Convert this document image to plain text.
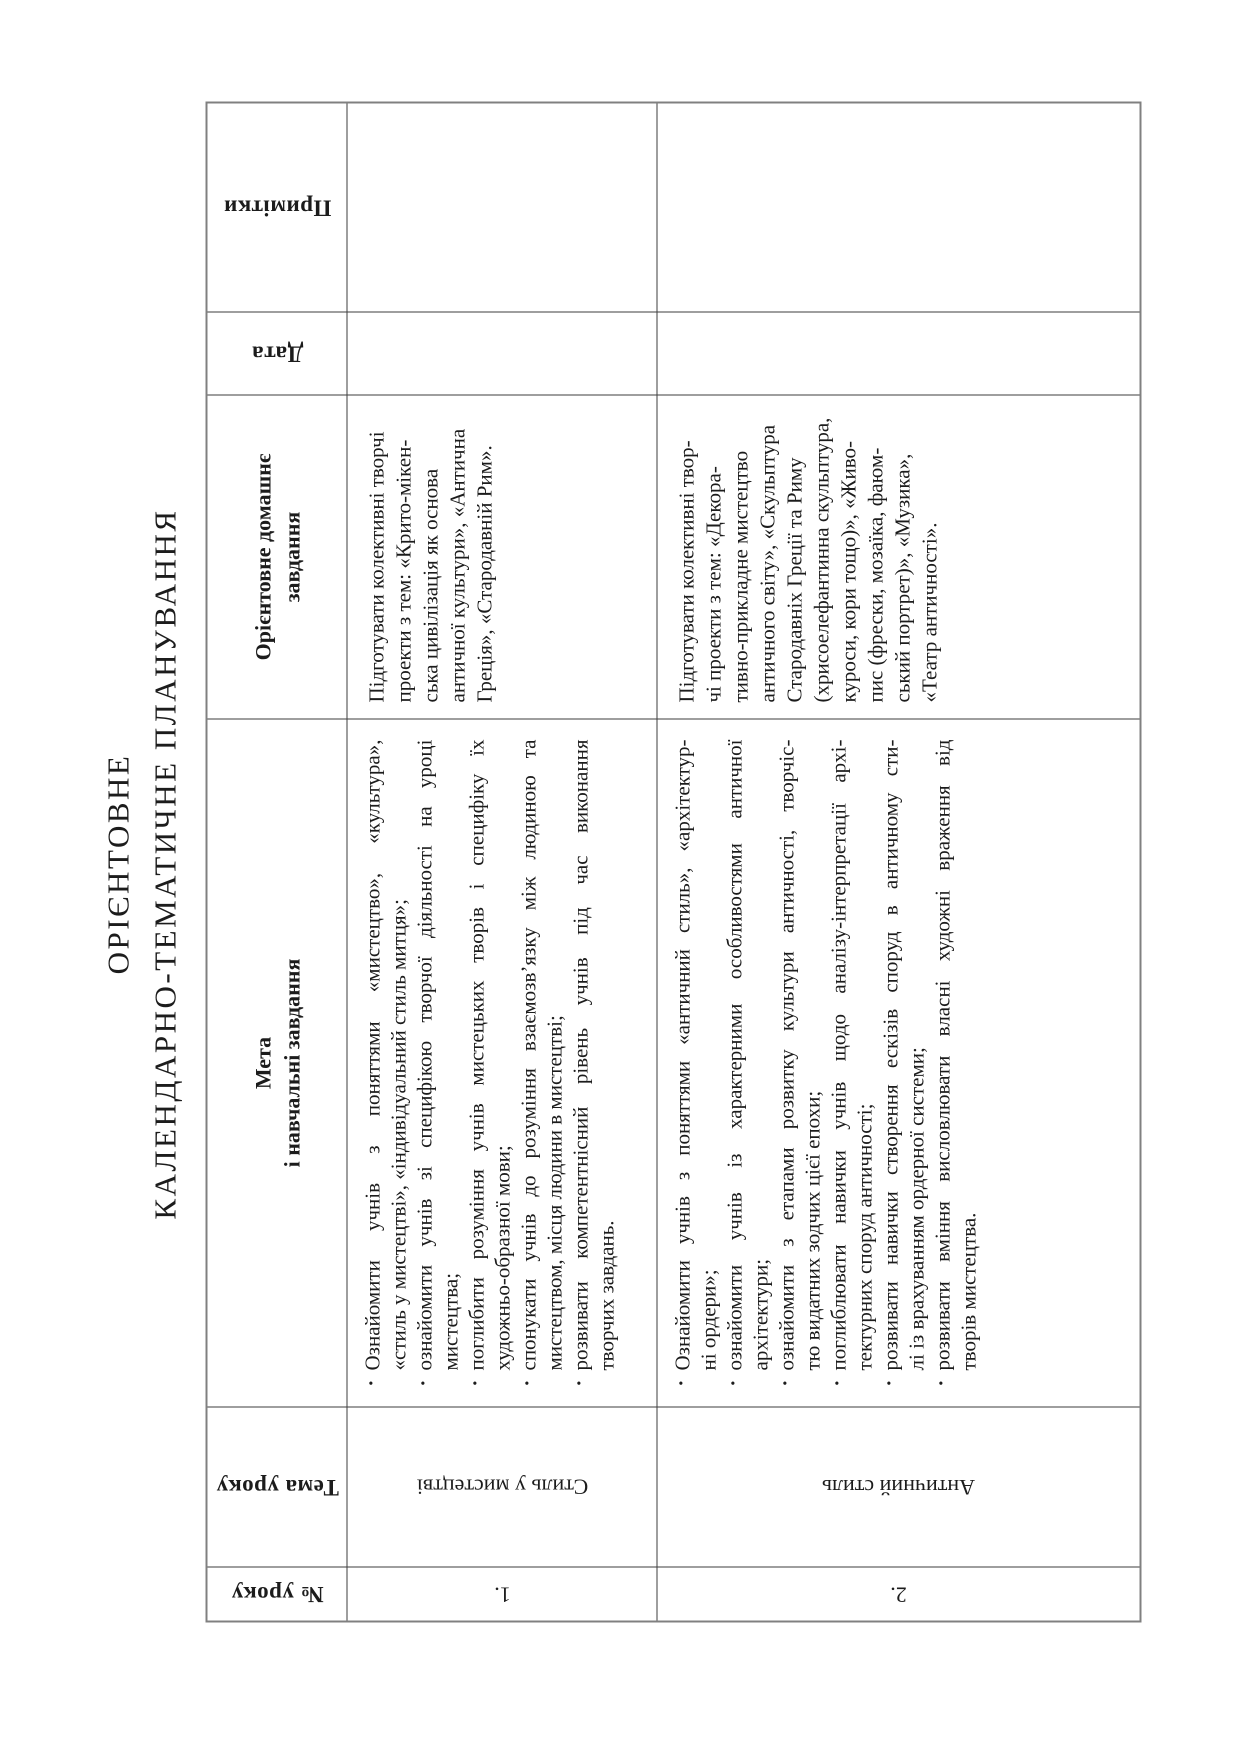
ОРІЄНТОВНЕ КАЛЕНДАРНО-ТЕМАТИЧНЕ ПЛАНУВАННЯ
№ уроку
Тема уроку
Мета і навчальні завдання
Орієнтовне домашнє завдання
Дата
Примітки
1.
Стиль у мистецтві
·
Ознайомити учнів з поняттями «мистецтво», «культура», «стиль у мистецтві», «індивідуальний стиль митця»;
·
ознайомити учнів зі специфікою творчої діяльності на уроці мистецтва;
·
поглибити розуміння учнів мистецьких творів і специфіку їх художньо-образної мови;
·
спонукати учнів до розуміння взаємозв’язку між людиною та мистецтвом, місця людини в мистецтві;
·
розвивати компетентнісний рівень учнів під час виконання творчих завдань.
Підготувати колективні творчі проекти з тем: «Крито-мікен- ська цивілізація як основа античної культури», «Антична Греція», «Стародавній Рим».
2.
Античний стиль
·
Ознайомити учнів з поняттями «античний стиль», «архітектур- ні ордери»;
·
ознайомити учнів із характерними особливостями античної архітектури;
·
ознайомити з етапами розвитку культури античності, творчіс- тю видатних зодчих цієї епохи;
·
поглиблювати навички учнів щодо аналізу-інтерпретації архі- тектурних споруд античності;
·
розвивати навички створення ескізів споруд в античному сти- лі із врахуванням ордерної системи;
·
розвивати вміння висловлювати власні художні враження від творів мистецтва.
Підготувати колективні твор- чі проекти з тем: «Декора- тивно-прикладне мистецтво античного світу», «Скульптура Стародавніх Греції та Риму (хрисоелефантинна скульптура, куроси, кори тощо)», «Живо- пис (фрески, мозаїка, фаюм- ський портрет)», «Музика», «Театр античності».
